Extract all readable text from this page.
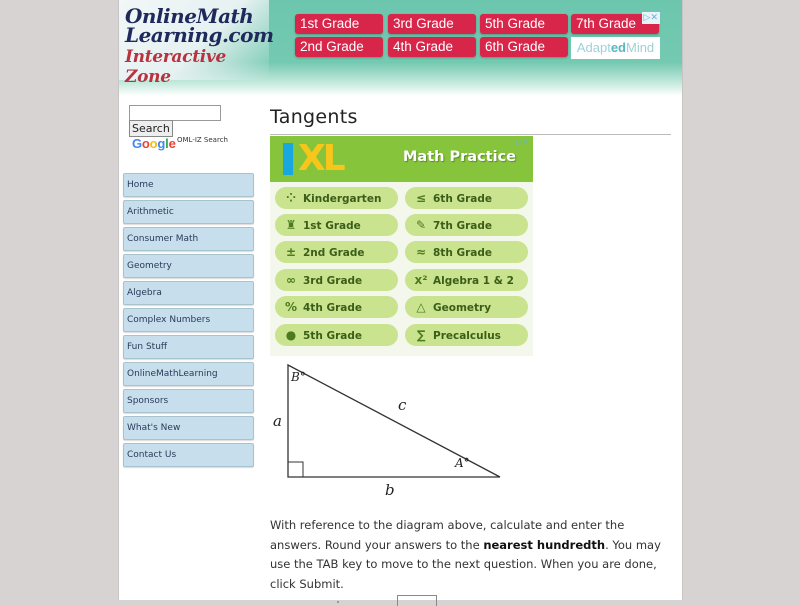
OnlineMath
Learning.com
Interactive Zone
1st Grade	3rd Grade	5th Grade	7th Grade
2nd Grade	4th Grade	6th Grade	AdaptedMind
▷✕
Search
Google OML-IZ Search
Home
Arithmetic
Consumer Math
Geometry
Algebra
Complex Numbers
Fun Stuff
OnlineMathLearning
Sponsors
What's New
Contact Us
Tangents
XL	Math Practice
▷✕
⁘ Kindergarten	≤ 6th Grade
♜ 1st Grade	✎ 7th Grade
± 2nd Grade	≈ 8th Grade
∞ 3rd Grade	x² Algebra 1 & 2
% 4th Grade	△ Geometry
● 5th Grade	∑ Precalculus
B°
A°
a
b
c
With reference to the diagram above, calculate and enter the answers. Round your answers to the nearest hundredth. You may use the TAB key to move to the next question. When you are done, click Submit.
